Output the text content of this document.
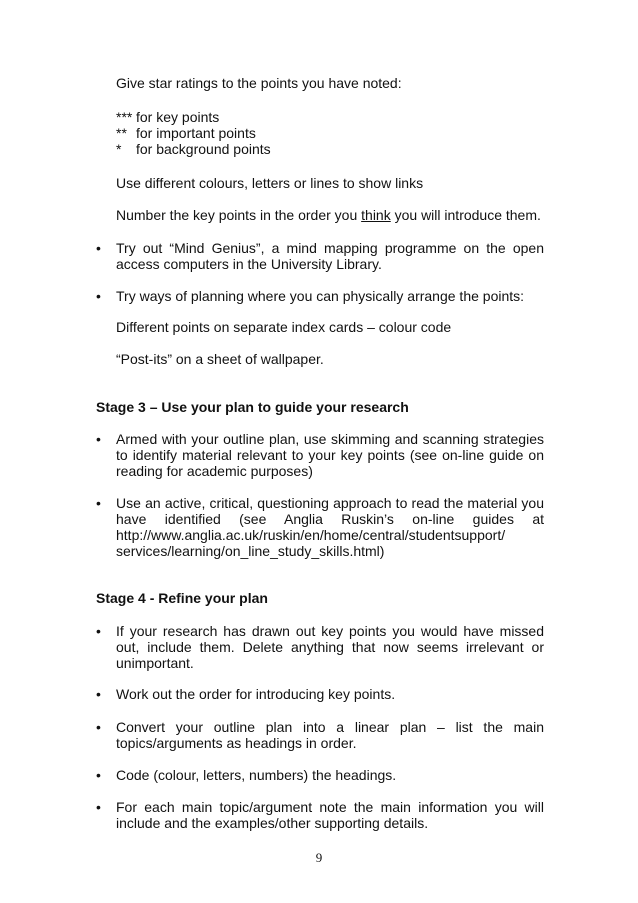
Give star ratings to the points you have noted:
*** for key points
** for important points
* for background points
Use different colours, letters or lines to show links
Number the key points in the order you think you will introduce them.
• Try out “Mind Genius”, a mind mapping programme on the open
access computers in the University Library.
• Try ways of planning where you can physically arrange the points:
Different points on separate index cards – colour code
“Post-its” on a sheet of wallpaper.
Stage 3 – Use your plan to guide your research
• Armed with your outline plan, use skimming and scanning strategies
to identify material relevant to your key points (see on-line guide on
reading for academic purposes)
• Use an active, critical, questioning approach to read the material you
have identified (see Anglia Ruskin’s on-line guides at
http://www.anglia.ac.uk/ruskin/en/home/central/studentsupport/
services/learning/on_line_study_skills.html)
Stage 4 - Refine your plan
• If your research has drawn out key points you would have missed
out, include them. Delete anything that now seems irrelevant or
unimportant.
• Work out the order for introducing key points.
• Convert your outline plan into a linear plan – list the main
topics/arguments as headings in order.
• Code (colour, letters, numbers) the headings.
• For each main topic/argument note the main information you will
include and the examples/other supporting details.
9
